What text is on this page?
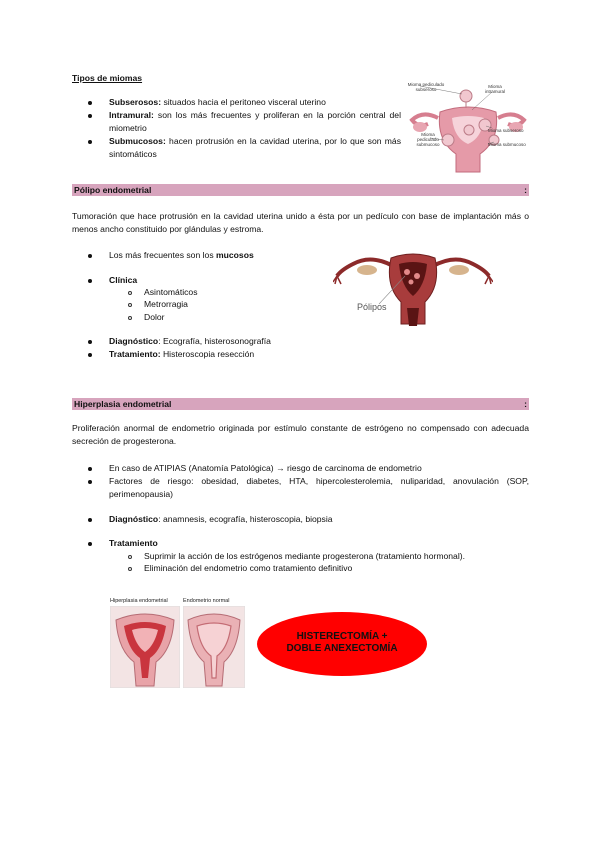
Tipos de miomas
Subserosos: situados hacia el peritoneo visceral uterino
Intramural: son los más frecuentes y proliferan en la porción central del miometrio
Submucosos: hacen protrusión en la cavidad uterina, por lo que son más sintomáticos
Mioma pediculado subseroso
Mioma intramural
Mioma subseroso
Mioma pediculado submucoso	Mioma submucoso
Pólipo endometrial	:
Tumoración que hace protrusión en la cavidad uterina unido a ésta por un pedículo con base de implantación más o menos ancho constituido por glándulas y estroma.
Los más frecuentes son los mucosos
Clínica
Asintomáticos
Metrorragia
Dolor
Diagnóstico: Ecografía, histerosonografía
Tratamiento: Histeroscopia resección
Pólipos
Hiperplasia endometrial	:
Proliferación anormal de endometrio originada por estímulo constante de estrógeno no compensado con adecuada secreción de progesterona.
En caso de ATIPIAS (Anatomía Patológica) → riesgo de carcinoma de endometrio
Factores de riesgo: obesidad, diabetes, HTA, hipercolesterolemia, nuliparidad, anovulación (SOP, perimenopausia)
Diagnóstico: anamnesis, ecografía, histeroscopia, biopsia
Tratamiento
Suprimir la acción de los estrógenos mediante progesterona (tratamiento hormonal).
Eliminación del endometrio como tratamiento definitivo
Hiperplasia endometrial	Endometrio normal
HISTERECTOMÍA +
DOBLE ANEXECTOMÍA
